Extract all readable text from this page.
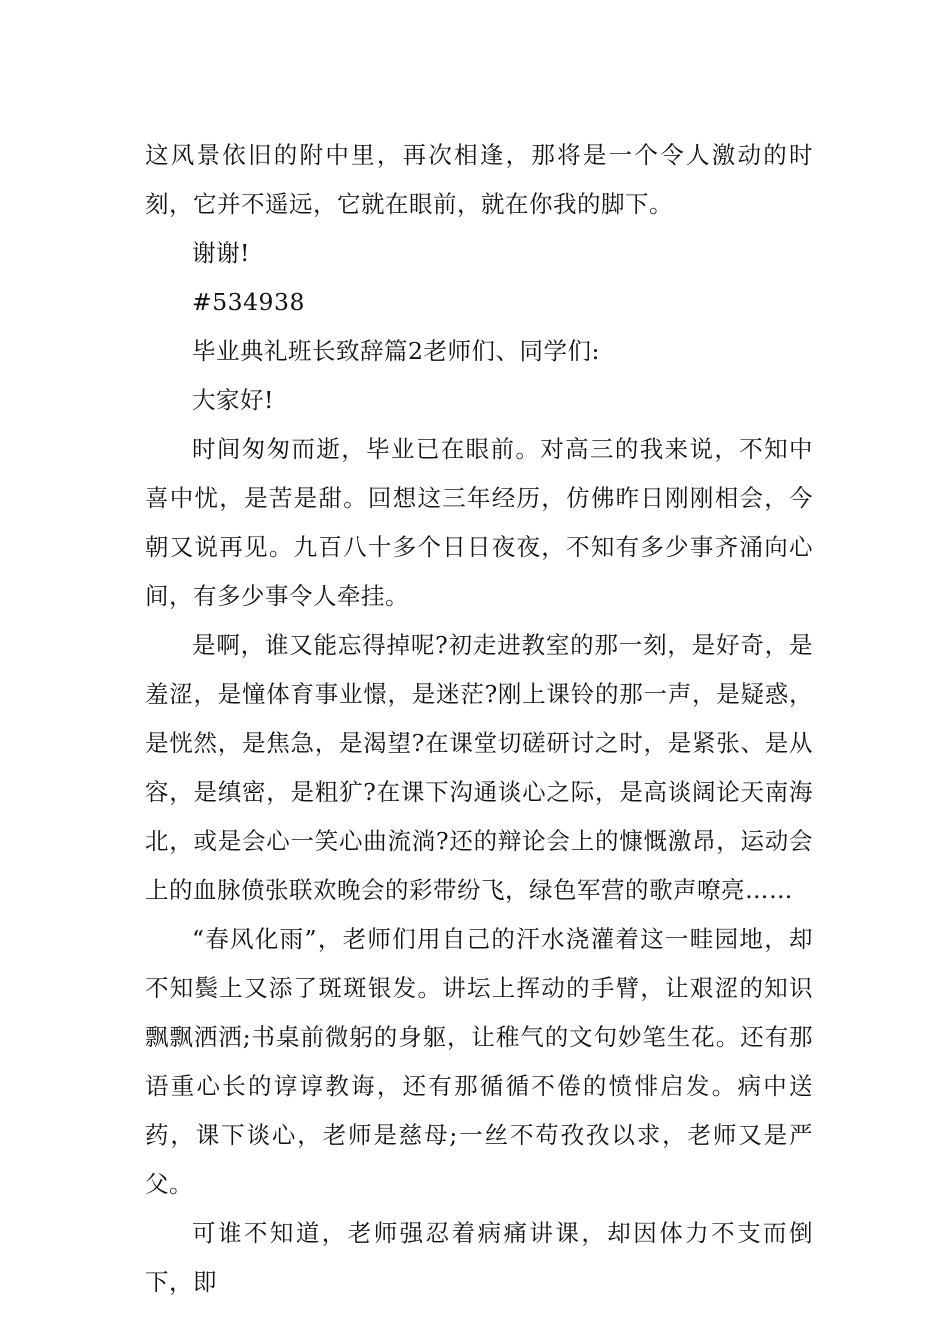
这风景依旧的附中里，再次相逢，那将是一个令人激动的时刻，它并不遥远，它就在眼前，就在你我的脚下。

谢谢!

#534938

毕业典礼班长致辞篇2老师们、同学们:

大家好!

时间匆匆而逝，毕业已在眼前。对高三的我来说，不知中喜中忧，是苦是甜。回想这三年经历，仿佛昨日刚刚相会，今朝又说再见。九百八十多个日日夜夜，不知有多少事齐涌向心间，有多少事令人牵挂。

是啊，谁又能忘得掉呢?初走进教室的那一刻，是好奇，是羞涩，是憧体育事业憬，是迷茫?刚上课铃的那一声，是疑惑，是恍然，是焦急，是渴望?在课堂切磋研讨之时，是紧张、是从容，是缜密，是粗犷?在课下沟通谈心之际，是高谈阔论天南海北，或是会心一笑心曲流淌?还的辩论会上的慷慨激昂，运动会上的血脉偾张联欢晚会的彩带纷飞，绿色军营的歌声嘹亮……

“春风化雨”，老师们用自己的汗水浇灌着这一畦园地，却不知鬓上又添了斑斑银发。讲坛上挥动的手臂，让艰涩的知识飘飘洒洒;书桌前微躬的身躯，让稚气的文句妙笔生花。还有那语重心长的谆谆教诲，还有那循循不倦的愤悱启发。病中送药，课下谈心，老师是慈母;一丝不苟孜孜以求，老师又是严父。

可谁不知道，老师强忍着病痛讲课，却因体力不支而倒下，即
